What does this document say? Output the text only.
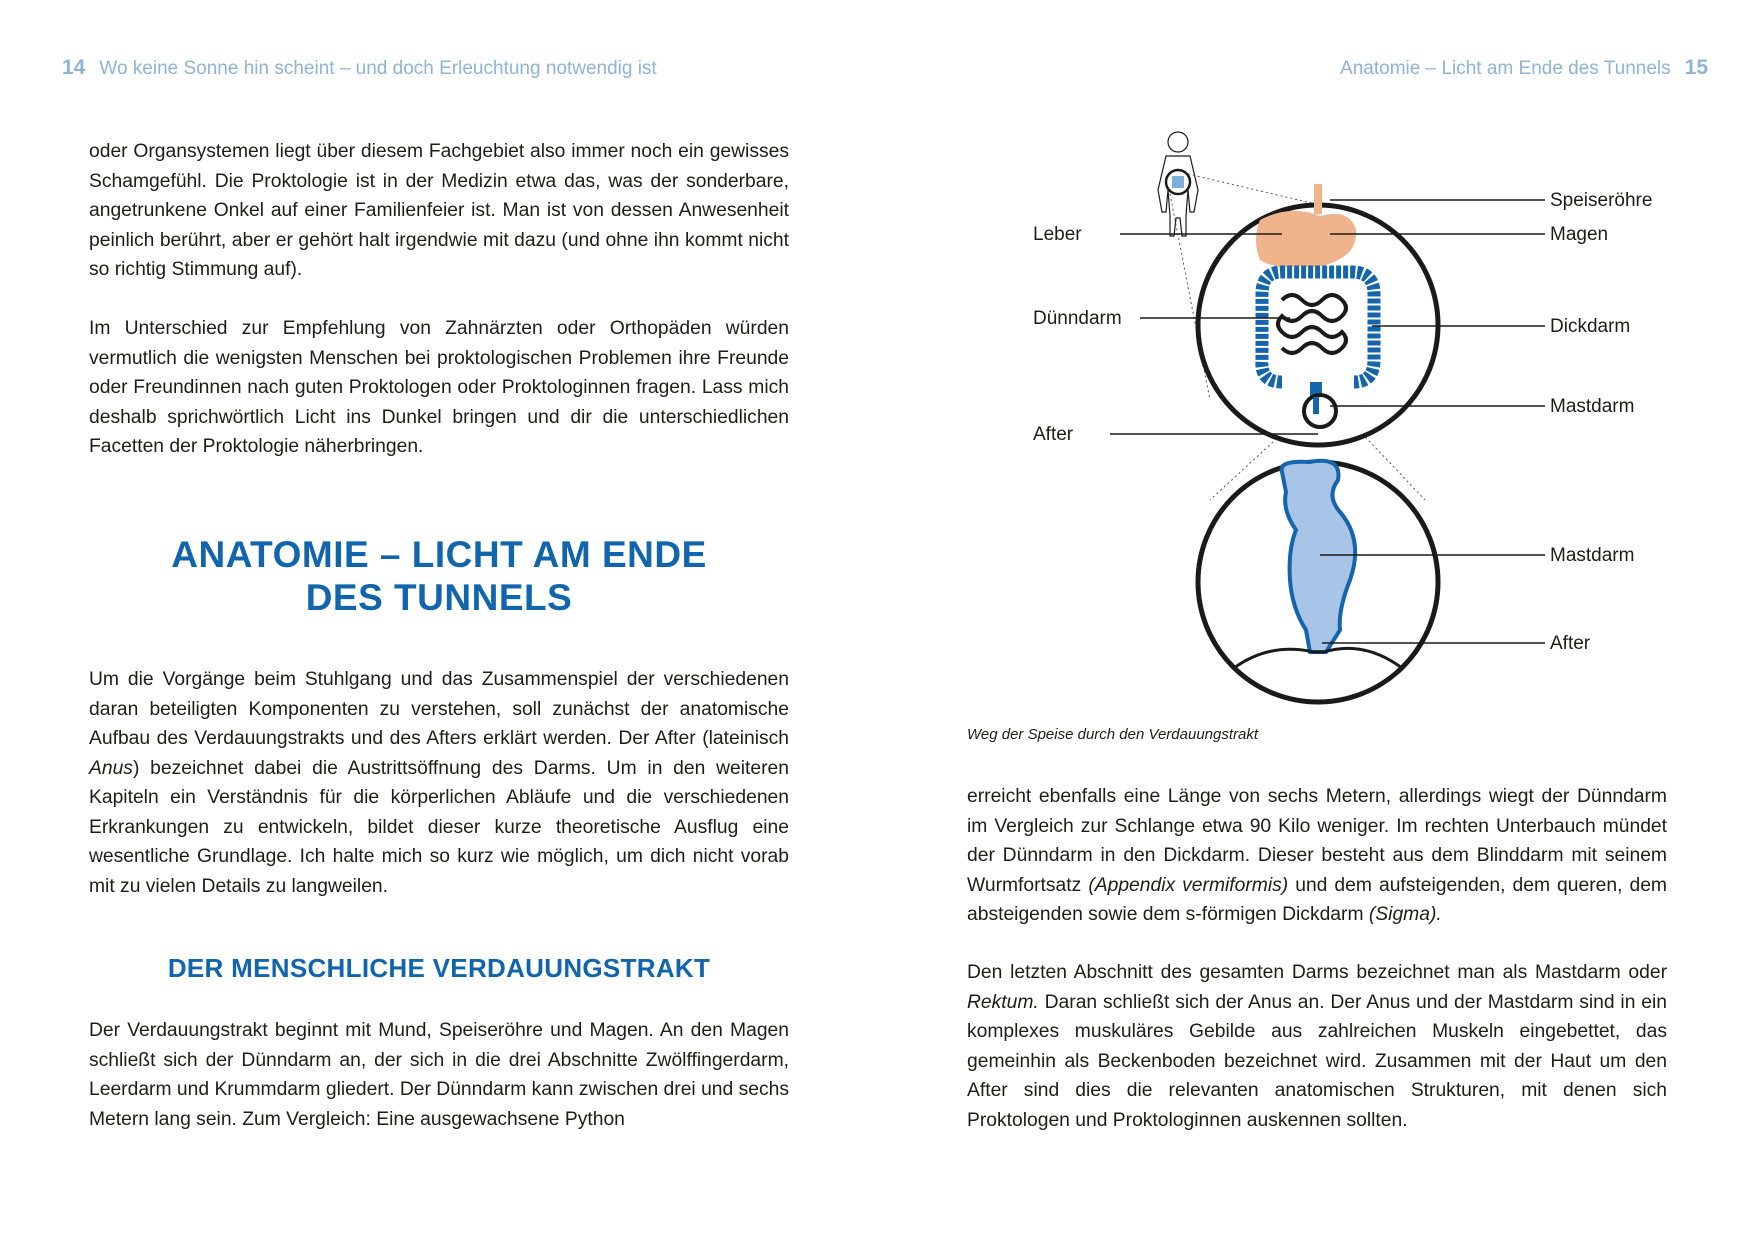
14 Wo keine Sonne hin scheint – und doch Erleuchtung notwendig ist	Anatomie – Licht am Ende des Tunnels 15

oder Organsystemen liegt über diesem Fachgebiet also immer noch ein gewisses Schamgefühl. Die Proktologie ist in der Medizin etwa das, was der sonderbare, angetrunkene Onkel auf einer Familienfeier ist. Man ist von dessen Anwesenheit peinlich berührt, aber er gehört halt irgendwie mit dazu (und ohne ihn kommt nicht so richtig Stimmung auf).

Im Unterschied zur Empfehlung von Zahnärzten oder Orthopäden würden vermutlich die wenigsten Menschen bei proktologischen Problemen ihre Freunde oder Freundinnen nach guten Proktologen oder Proktologinnen fragen. Lass mich deshalb sprichwörtlich Licht ins Dunkel bringen und dir die unterschiedlichen Facetten der Proktologie näherbringen.

ANATOMIE – LICHT AM ENDE
DES TUNNELS

Um die Vorgänge beim Stuhlgang und das Zusammenspiel der verschiedenen daran beteiligten Komponenten zu verstehen, soll zunächst der anatomische Aufbau des Verdauungstrakts und des Afters erklärt werden. Der After (lateinisch Anus) bezeichnet dabei die Austrittsöffnung des Darms. Um in den weiteren Kapiteln ein Verständnis für die körperlichen Abläufe und die verschiedenen Erkrankungen zu entwickeln, bildet dieser kurze theoretische Ausflug eine wesentliche Grundlage. Ich halte mich so kurz wie möglich, um dich nicht vorab mit zu vielen Details zu langweilen.

DER MENSCHLICHE VERDAUUNGSTRAKT

Der Verdauungstrakt beginnt mit Mund, Speiseröhre und Magen. An den Magen schließt sich der Dünndarm an, der sich in die drei Abschnitte Zwölffingerdarm, Leerdarm und Krummdarm gliedert. Der Dünndarm kann zwischen drei und sechs Metern lang sein. Zum Vergleich: Eine ausgewachsene Python

Speiseröhre
Magen
Leber
Dünndarm	Dickdarm
Mastdarm
After
Mastdarm
After
Weg der Speise durch den Verdauungstrakt

erreicht ebenfalls eine Länge von sechs Metern, allerdings wiegt der Dünndarm im Vergleich zur Schlange etwa 90 Kilo weniger. Im rechten Unterbauch mündet der Dünndarm in den Dickdarm. Dieser besteht aus dem Blinddarm mit seinem Wurmfortsatz (Appendix vermiformis) und dem aufsteigenden, dem queren, dem absteigenden sowie dem s-förmigen Dickdarm (Sigma).

Den letzten Abschnitt des gesamten Darms bezeichnet man als Mastdarm oder Rektum. Daran schließt sich der Anus an. Der Anus und der Mastdarm sind in ein komplexes muskuläres Gebilde aus zahlreichen Muskeln eingebettet, das gemeinhin als Beckenboden bezeichnet wird. Zusammen mit der Haut um den After sind dies die relevanten anatomischen Strukturen, mit denen sich Proktologen und Proktologinnen auskennen sollten.
